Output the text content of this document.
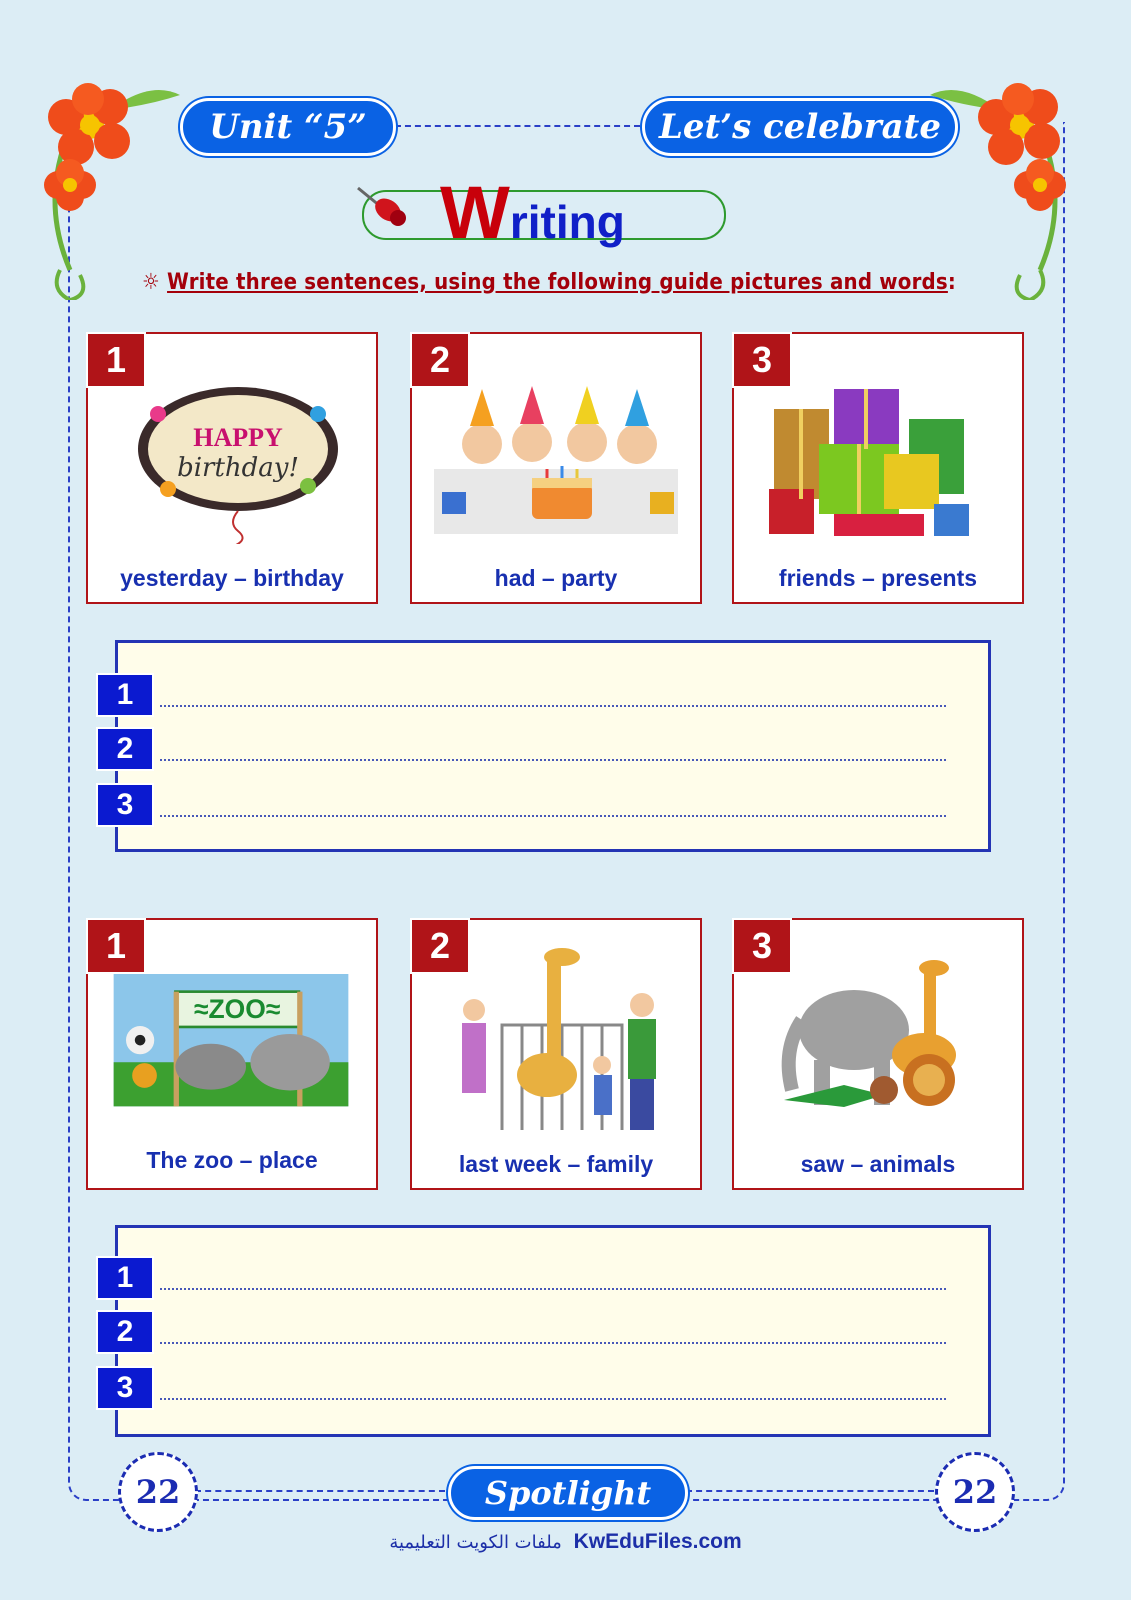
Unit “5”	Let’s celebrate
Writing
☼ Write three sentences, using the following guide pictures and words:
1
HAPPY
birthday!
yesterday – birthday
2
had – party
3
friends – presents
1
2
3
1
≈ZOO≈
The zoo – place
2
last week – family
3
saw – animals
1
2
3
22	22
Spotlight
ملفات الكويت التعليمية KwEduFiles.com
